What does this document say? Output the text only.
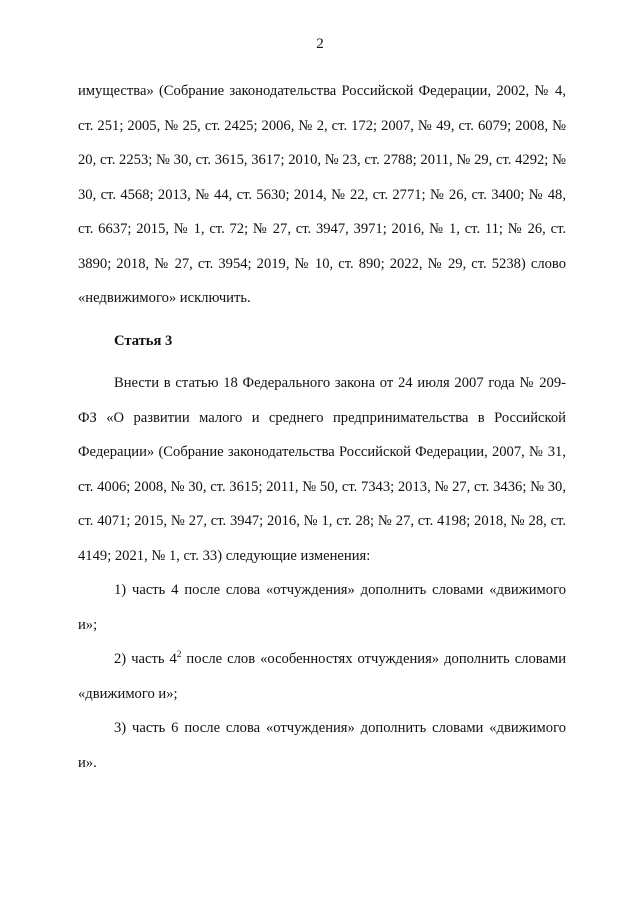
2

имущества» (Собрание законодательства Российской Федерации, 2002, № 4, ст. 251; 2005, № 25, ст. 2425; 2006, № 2, ст. 172; 2007, № 49, ст. 6079; 2008, № 20, ст. 2253; № 30, ст. 3615, 3617; 2010, № 23, ст. 2788; 2011, № 29, ст. 4292; № 30, ст. 4568; 2013, № 44, ст. 5630; 2014, № 22, ст. 2771; № 26, ст. 3400; № 48, ст. 6637; 2015, № 1, ст. 72; № 27, ст. 3947, 3971; 2016, № 1, ст. 11; № 26, ст. 3890; 2018, № 27, ст. 3954; 2019, № 10, ст. 890; 2022, № 29, ст. 5238) слово «недвижимого» исключить.

Статья 3

Внести в статью 18 Федерального закона от 24 июля 2007 года № 209-ФЗ «О развитии малого и среднего предпринимательства в Российской Федерации» (Собрание законодательства Российской Федерации, 2007, № 31, ст. 4006; 2008, № 30, ст. 3615; 2011, № 50, ст. 7343; 2013, № 27, ст. 3436; № 30, ст. 4071; 2015, № 27, ст. 3947; 2016, № 1, ст. 28; № 27, ст. 4198; 2018, № 28, ст. 4149; 2021, № 1, ст. 33) следующие изменения:

1) часть 4 после слова «отчуждения» дополнить словами «движимого и»;

2) часть $4^2$ после слов «особенностях отчуждения» дополнить словами «движимого и»;

3) часть 6 после слова «отчуждения» дополнить словами «движимого и».
